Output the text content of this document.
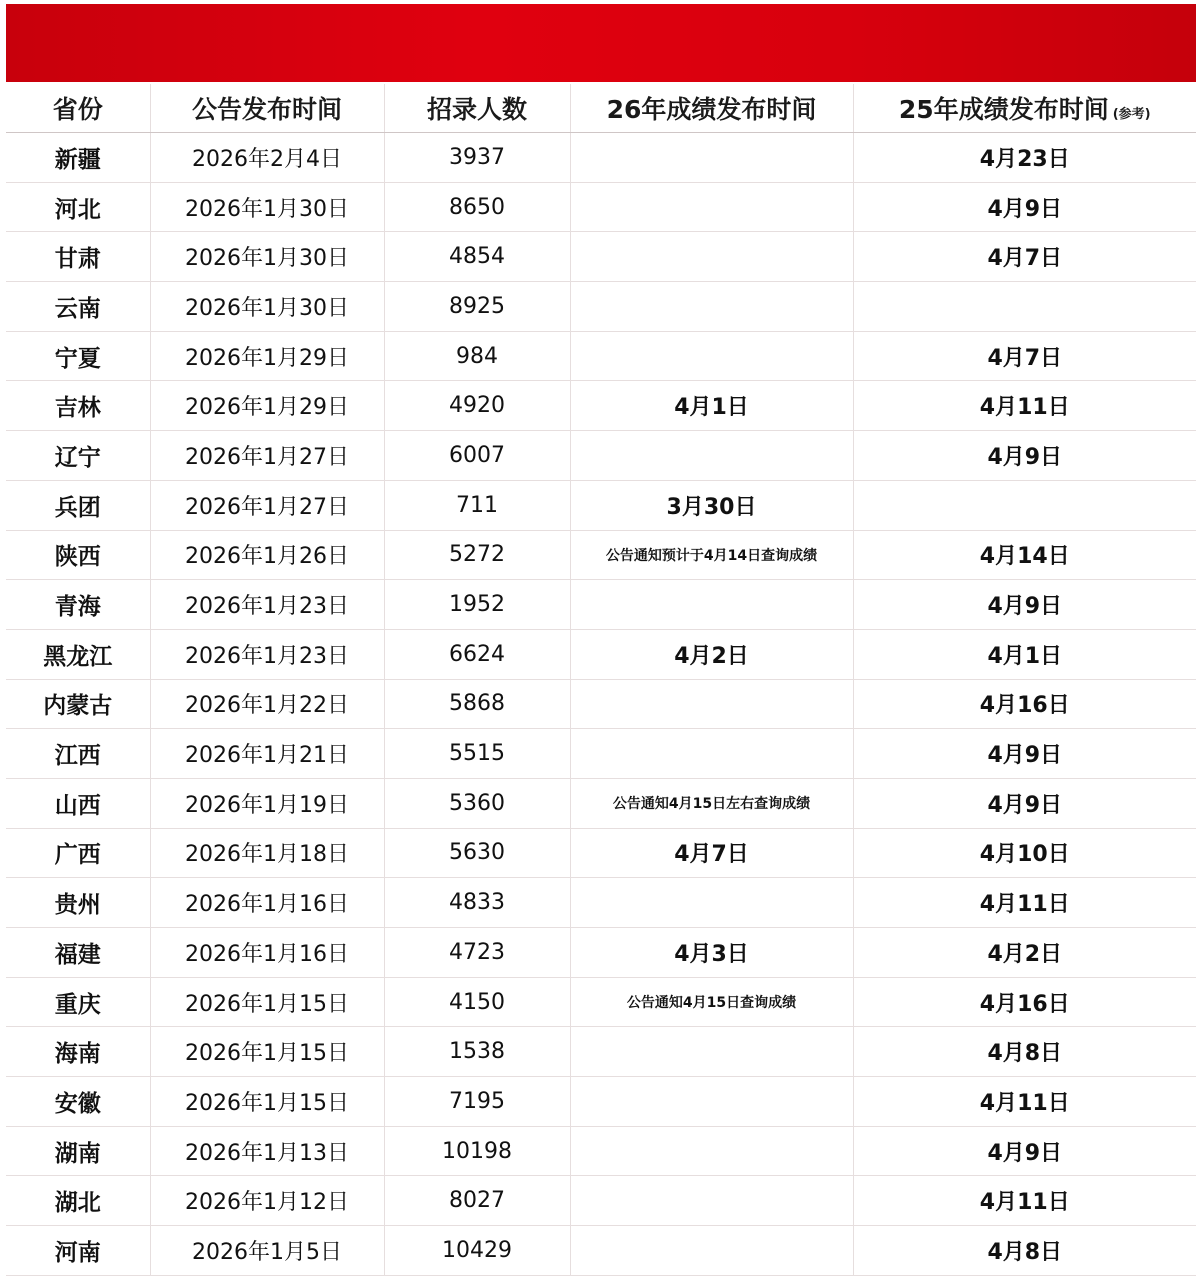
省份	公告发布时间	招录人数	26年成绩发布时间	25年成绩发布时间 (参考)
新疆	2026年2月4日	3937		4月23日
河北	2026年1月30日	8650		4月9日
甘肃	2026年1月30日	4854		4月7日
云南	2026年1月30日	8925		
宁夏	2026年1月29日	984		4月7日
吉林	2026年1月29日	4920	4月1日	4月11日
辽宁	2026年1月27日	6007		4月9日
兵团	2026年1月27日	711	3月30日	
陕西	2026年1月26日	5272	公告通知预计于4月14日查询成绩	4月14日
青海	2026年1月23日	1952		4月9日
黑龙江	2026年1月23日	6624	4月2日	4月1日
内蒙古	2026年1月22日	5868		4月16日
江西	2026年1月21日	5515		4月9日
山西	2026年1月19日	5360	公告通知4月15日左右查询成绩	4月9日
广西	2026年1月18日	5630	4月7日	4月10日
贵州	2026年1月16日	4833		4月11日
福建	2026年1月16日	4723	4月3日	4月2日
重庆	2026年1月15日	4150	公告通知4月15日查询成绩	4月16日
海南	2026年1月15日	1538		4月8日
安徽	2026年1月15日	7195		4月11日
湖南	2026年1月13日	10198		4月9日
湖北	2026年1月12日	8027		4月11日
河南	2026年1月5日	10429		4月8日
